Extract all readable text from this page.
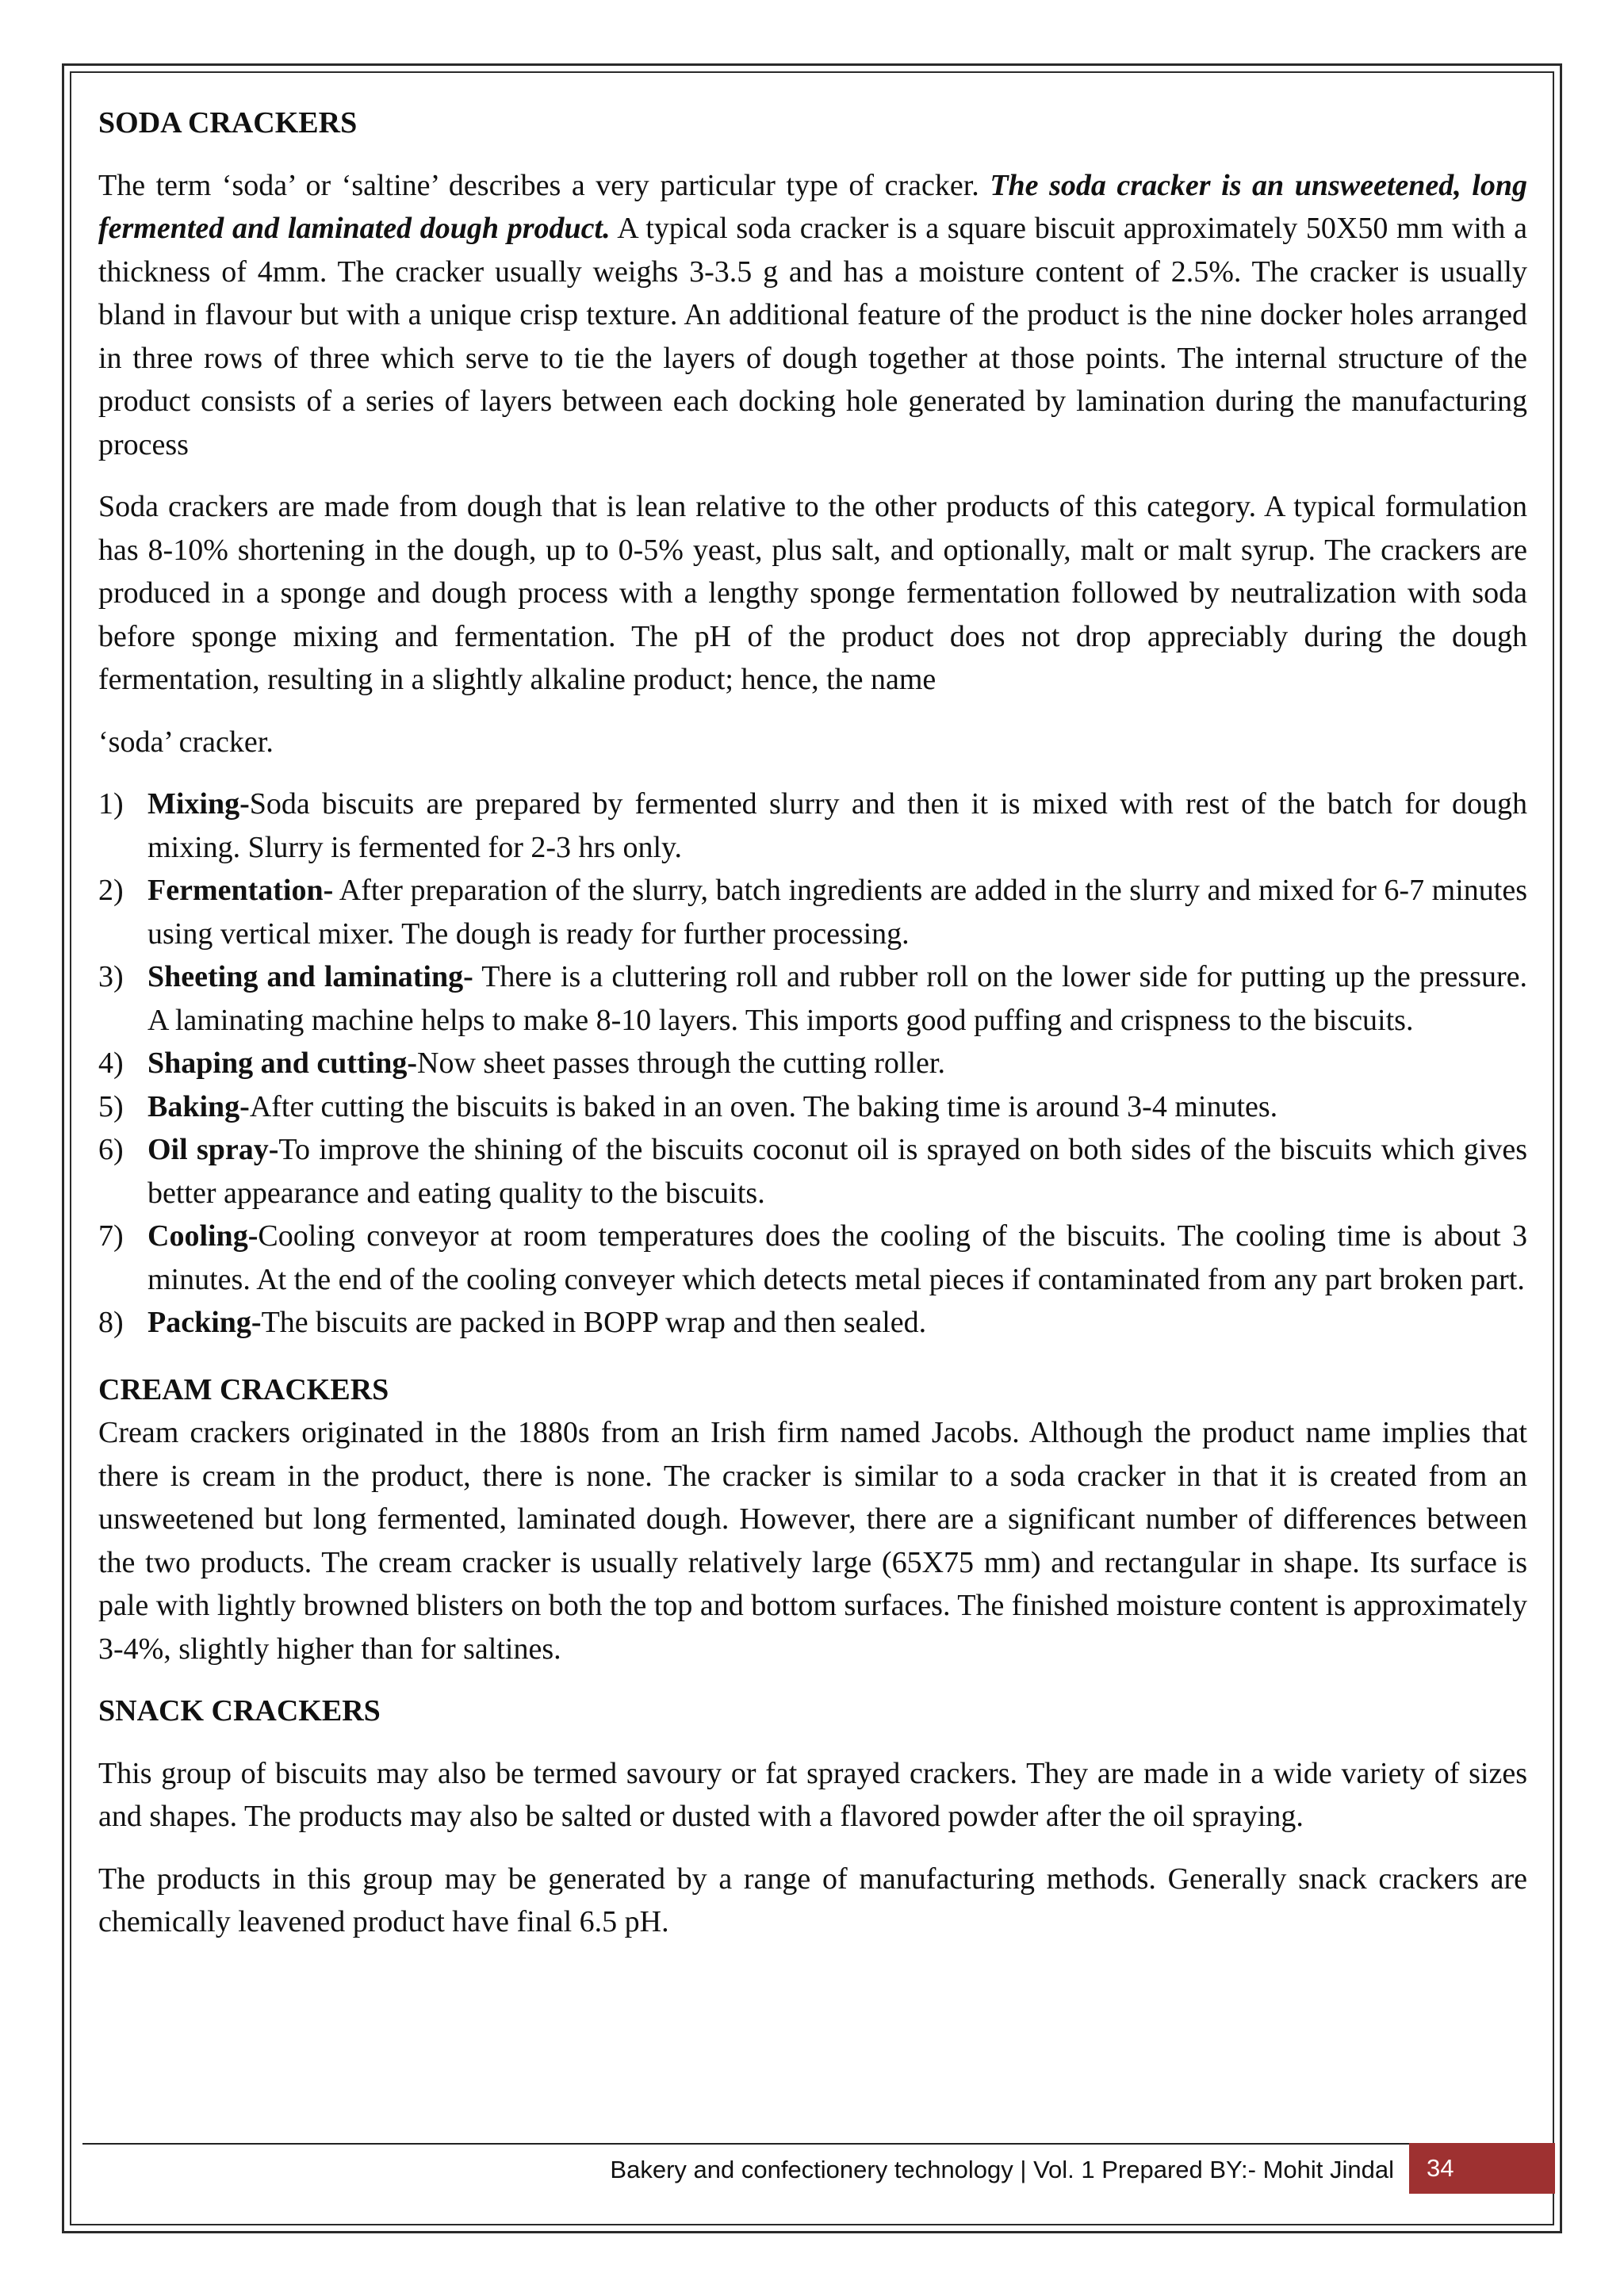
SODA CRACKERS

The term ‘soda’ or ‘saltine’ describes a very particular type of cracker. The soda cracker is an unsweetened, long fermented and laminated dough product. A typical soda cracker is a square biscuit approximately 50X50 mm with a thickness of 4mm. The cracker usually weighs 3-3.5 g and has a moisture content of 2.5%. The cracker is usually bland in flavour but with a unique crisp texture. An additional feature of the product is the nine docker holes arranged in three rows of three which serve to tie the layers of dough together at those points. The internal structure of the product consists of a series of layers between each docking hole generated by lamination during the manufacturing process

Soda crackers are made from dough that is lean relative to the other products of this category. A typical formulation has 8-10% shortening in the dough, up to 0-5% yeast, plus salt, and optionally, malt or malt syrup. The crackers are produced in a sponge and dough process with a lengthy sponge fermentation followed by neutralization with soda before sponge mixing and fermentation. The pH of the product does not drop appreciably during the dough fermentation, resulting in a slightly alkaline product; hence, the name

‘soda’ cracker.

1) Mixing-Soda biscuits are prepared by fermented slurry and then it is mixed with rest of the batch for dough mixing. Slurry is fermented for 2-3 hrs only.
2) Fermentation- After preparation of the slurry, batch ingredients are added in the slurry and mixed for 6-7 minutes using vertical mixer. The dough is ready for further processing.
3) Sheeting and laminating- There is a cluttering roll and rubber roll on the lower side for putting up the pressure. A laminating machine helps to make 8-10 layers. This imports good puffing and crispness to the biscuits.
4) Shaping and cutting-Now sheet passes through the cutting roller.
5) Baking-After cutting the biscuits is baked in an oven. The baking time is around 3-4 minutes.
6) Oil spray-To improve the shining of the biscuits coconut oil is sprayed on both sides of the biscuits which gives better appearance and eating quality to the biscuits.
7) Cooling-Cooling conveyor at room temperatures does the cooling of the biscuits. The cooling time is about 3 minutes. At the end of the cooling conveyer which detects metal pieces if contaminated from any part broken part.
8) Packing-The biscuits are packed in BOPP wrap and then sealed.
CREAM CRACKERS

Cream crackers originated in the 1880s from an Irish firm named Jacobs. Although the product name implies that there is cream in the product, there is none. The cracker is similar to a soda cracker in that it is created from an unsweetened but long fermented, laminated dough. However, there are a significant number of differences between the two products. The cream cracker is usually relatively large (65X75 mm) and rectangular in shape. Its surface is pale with lightly browned blisters on both the top and bottom surfaces. The finished moisture content is approximately 3-4%, slightly higher than for saltines.

SNACK CRACKERS

This group of biscuits may also be termed savoury or fat sprayed crackers. They are made in a wide variety of sizes and shapes. The products may also be salted or dusted with a flavored powder after the oil spraying.

The products in this group may be generated by a range of manufacturing methods. Generally snack crackers are chemically leavened product have final 6.5 pH.

Bakery and confectionery technology | Vol. 1 Prepared BY:- Mohit Jindal	34
